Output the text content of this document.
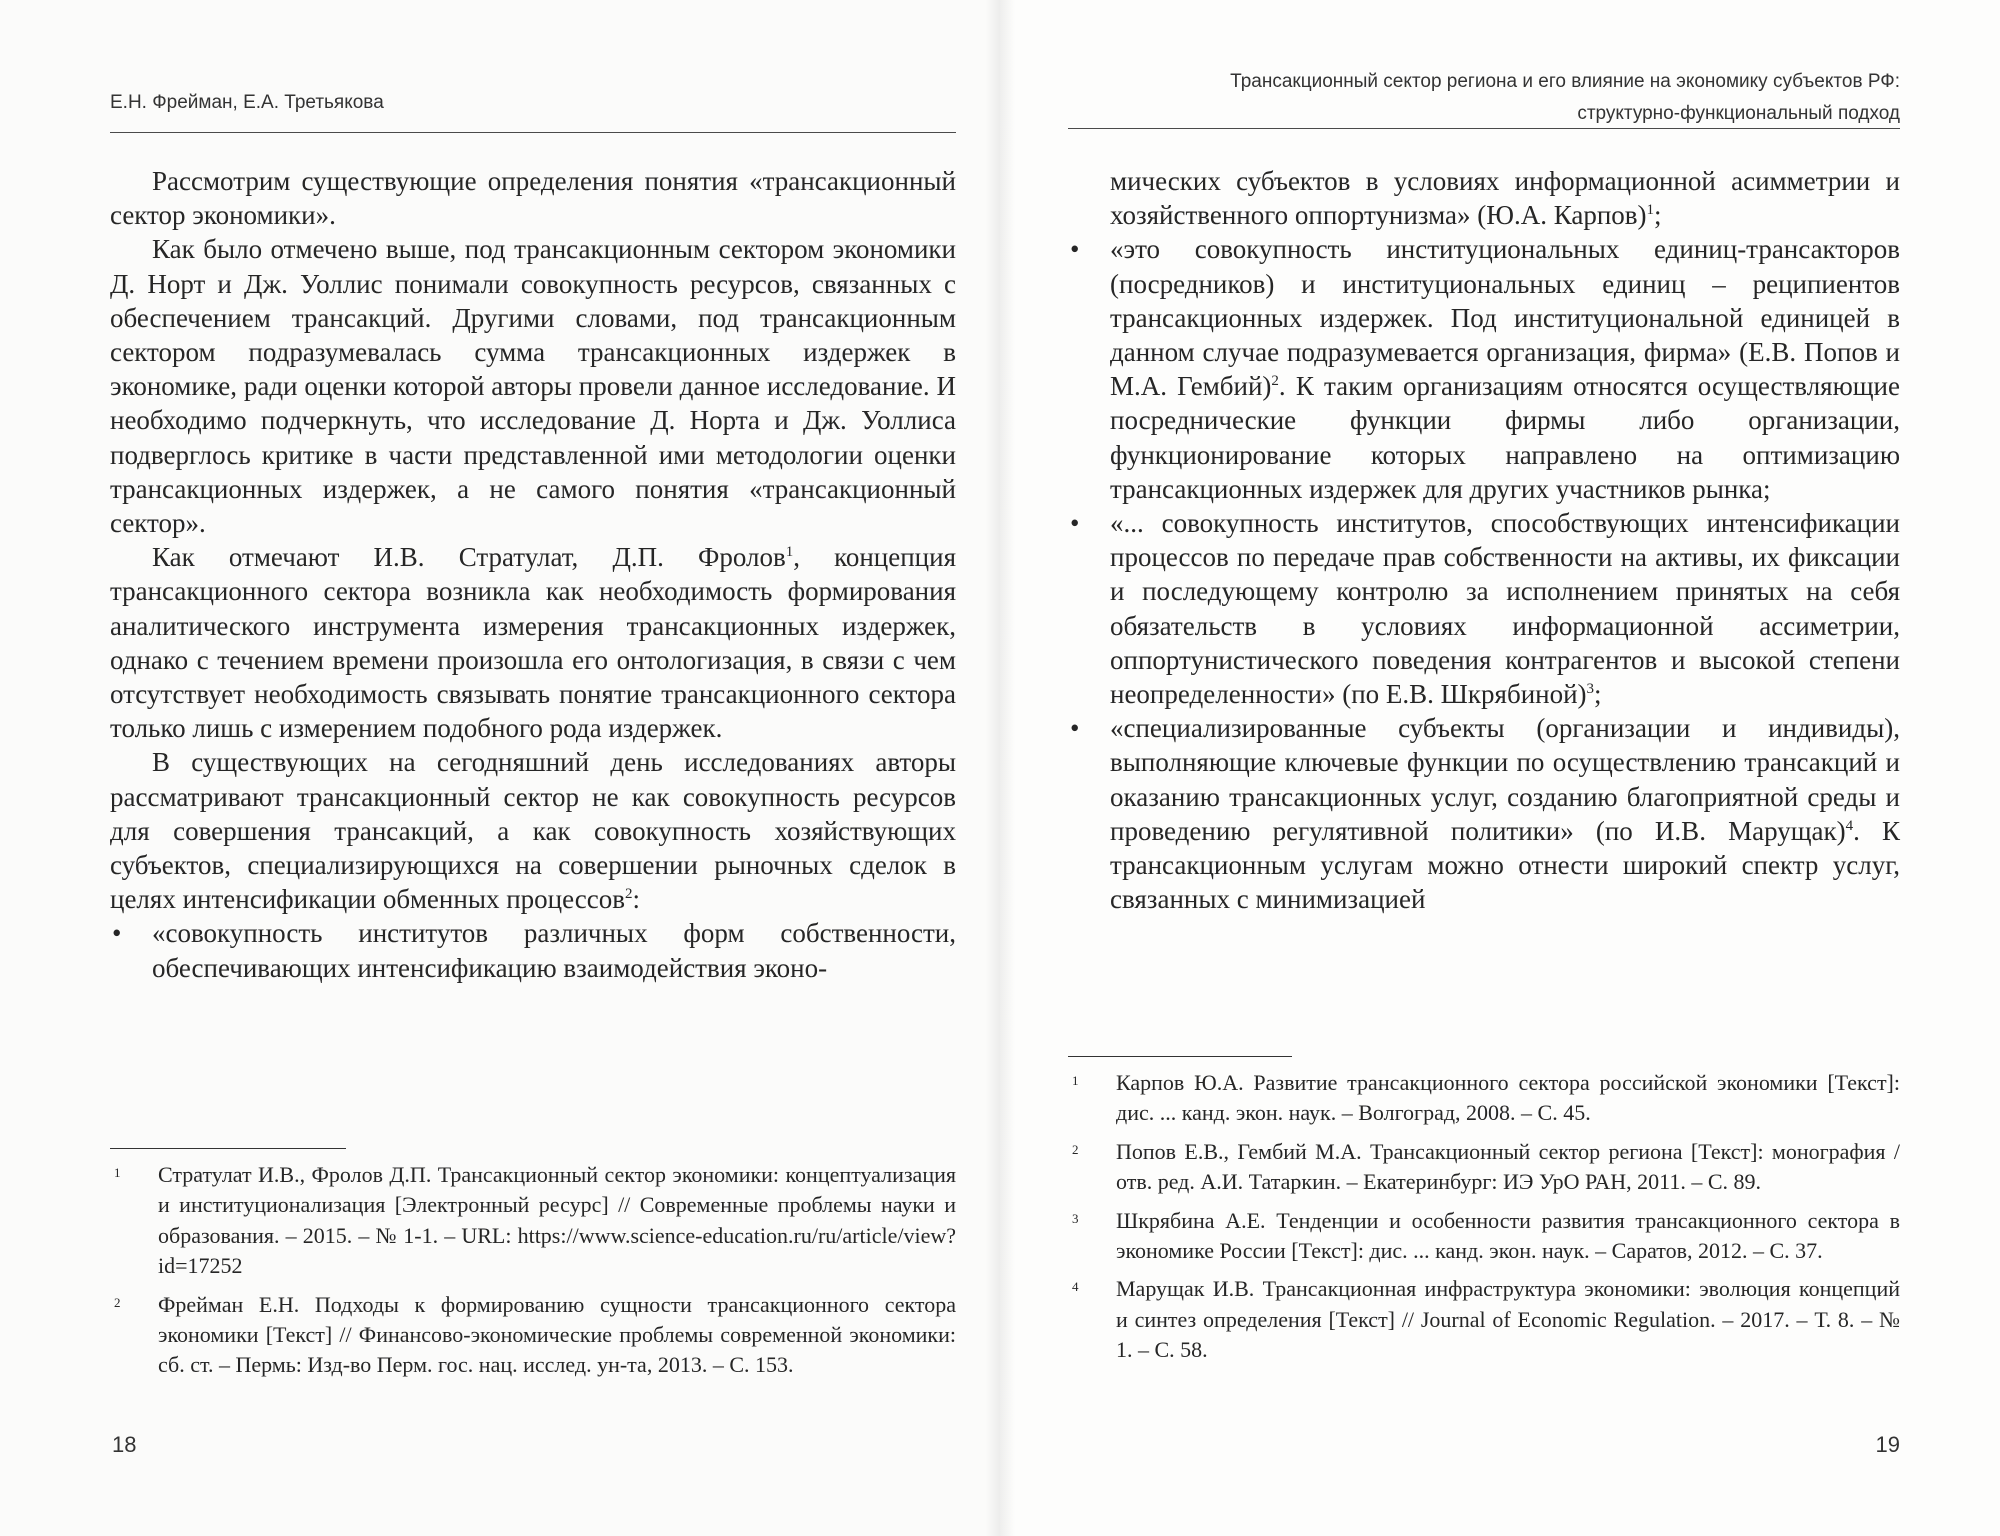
Е.Н. Фрейман, Е.А. Третьякова

Рассмотрим существующие определения понятия «трансакционный сектор экономики».

Как было отмечено выше, под трансакционным сектором экономики Д. Норт и Дж. Уоллис понимали совокупность ресурсов, связанных с обеспечением трансакций. Другими словами, под трансакционным сектором подразумевалась сумма трансакционных издержек в экономике, ради оценки которой авторы провели данное исследование. И необходимо подчеркнуть, что исследование Д. Норта и Дж. Уоллиса подверглось критике в части представленной ими методологии оценки трансакционных издержек, а не самого понятия «трансакционный сектор».

Как отмечают И.В. Стратулат, Д.П. Фролов$^1$, концепция трансакционного сектора возникла как необходимость формирования аналитического инструмента измерения трансакционных издержек, однако с течением времени произошла его онтологизация, в связи с чем отсутствует необходимость связывать понятие трансакционного сектора только лишь с измерением подобного рода издержек.

В существующих на сегодняшний день исследованиях авторы рассматривают трансакционный сектор не как совокупность ресурсов для совершения трансакций, а как совокупность хозяйствующих субъектов, специализирующихся на совершении рыночных сделок в целях интенсификации обменных процессов$^2$:

• «совокупность институтов различных форм собственности, обеспечивающих интенсификацию взаимодействия эконо-
1 Стратулат И.В., Фролов Д.П. Трансакционный сектор экономики: концептуализация и институционализация [Электронный ресурс] // Современные проблемы науки и образования. – 2015. – № 1-1. – URL: https://www.science-education.ru/ru/article/view?id=17252
2 Фрейман Е.Н. Подходы к формированию сущности трансакционного сектора экономики [Текст] // Финансово-экономические проблемы современной экономики: сб. ст. – Пермь: Изд-во Перм. гос. нац. исслед. ун-та, 2013. – С. 153.
18
Трансакционный сектор региона и его влияние на экономику субъектов РФ:
структурно-функциональный подход

мических субъектов в условиях информационной асимметрии и хозяйственного оппортунизма» (Ю.А. Карпов)$^1$;

• «это совокупность институциональных единиц-трансакторов (посредников) и институциональных единиц – реципиентов трансакционных издержек. Под институциональной единицей в данном случае подразумевается организация, фирма» (Е.В. Попов и М.А. Гембий)$^2$. К таким организациям относятся осуществляющие посреднические функции фирмы либо организации, функционирование которых направлено на оптимизацию трансакционных издержек для других участников рынка;
• «... совокупность институтов, способствующих интенсификации процессов по передаче прав собственности на активы, их фиксации и последующему контролю за исполнением принятых на себя обязательств в условиях информационной ассиметрии, оппортунистического поведения контрагентов и высокой степени неопределенности» (по Е.В. Шкрябиной)$^3$;
• «специализированные субъекты (организации и индивиды), выполняющие ключевые функции по осуществлению трансакций и оказанию трансакционных услуг, созданию благоприятной среды и проведению регулятивной политики» (по И.В. Марущак)$^4$. К трансакционным услугам можно отнести широкий спектр услуг, связанных с минимизацией
1 Карпов Ю.А. Развитие трансакционного сектора российской экономики [Текст]: дис. ... канд. экон. наук. – Волгоград, 2008. – С. 45.
2 Попов Е.В., Гембий М.А. Трансакционный сектор региона [Текст]: монография / отв. ред. А.И. Татаркин. – Екатеринбург: ИЭ УрО РАН, 2011. – С. 89.
3 Шкрябина А.Е. Тенденции и особенности развития трансакционного сектора в экономике России [Текст]: дис. ... канд. экон. наук. – Саратов, 2012. – С. 37.
4 Марущак И.В. Трансакционная инфраструктура экономики: эволюция концепций и синтез определения [Текст] // Journal of Economic Regulation. – 2017. – Т. 8. – № 1. – С. 58.
19
